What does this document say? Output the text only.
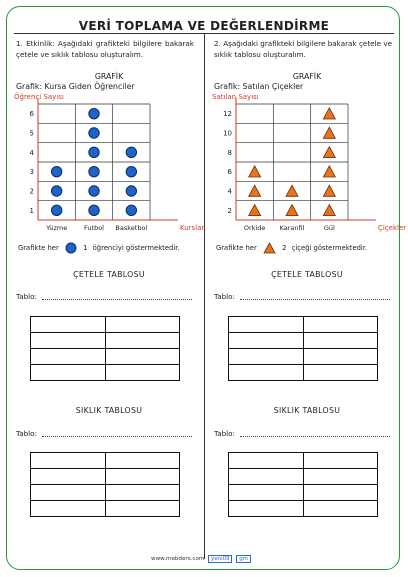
VERİ TOPLAMA VE DEĞERLENDİRME
1. Etkinlik: Aşağıdaki grafikteki bilgilere bakarak çetele ve sıklık tablosu oluşturalım.
GRAFİK
Grafik: Kursa Giden Öğrenciler
Öğrenci Sayısı
1
2
3
4
5
6
Yüzme	Futbol Basketbol	Kurslar
Grafikte her	1 öğrenciyi göstermektedir.
ÇETELE TABLOSU
Tablo:

SIKLIK TABLOSU
Tablo:

2. Aşağıdaki grafikteki bilgilere bakarak çetele ve sıklık tablosu oluşturalım.
GRAFİK
Grafik: Satılan Çiçekler
Satılan Sayısı
2
4
6
8
10
12
Orkide Karanfil	Gül	Çiçekler
Grafikte her	2 çiçeği göstermektedir.
ÇETELE TABLOSU
Tablo:

SIKLIK TABLOSU
Tablo:

www.mebders.com yeni09 gm
